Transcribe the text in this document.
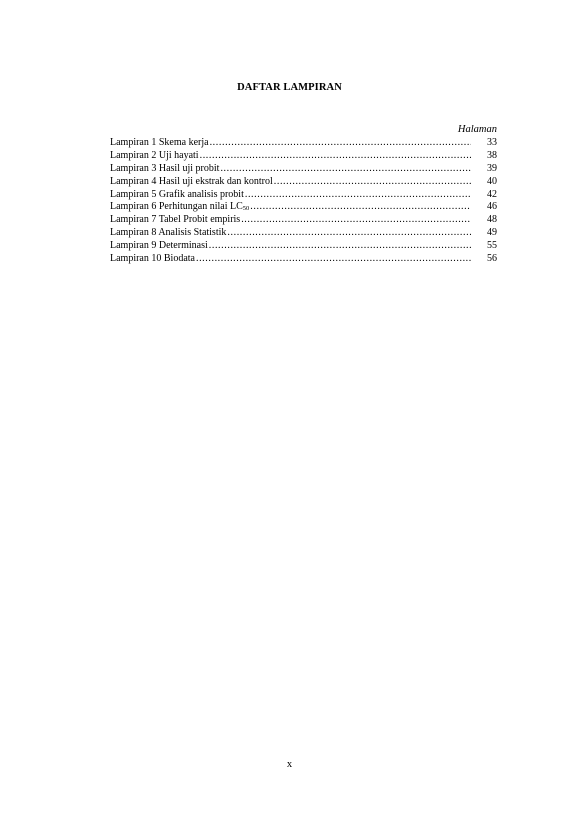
DAFTAR LAMPIRAN
Halaman
Lampiran 1 Skema kerja .....	33
Lampiran 2 Uji hayati .....	38
Lampiran 3 Hasil uji probit .....	39
Lampiran 4 Hasil uji ekstrak dan kontrol .....	40
Lampiran 5 Grafik analisis probit .....	42
Lampiran 6 Perhitungan nilai $LC_{50}$ .....	46
Lampiran 7 Tabel Probit empiris .....	48
Lampiran 8 Analisis Statistik .....	49
Lampiran 9 Determinasi .....	55
Lampiran 10 Biodata .....	56
x
